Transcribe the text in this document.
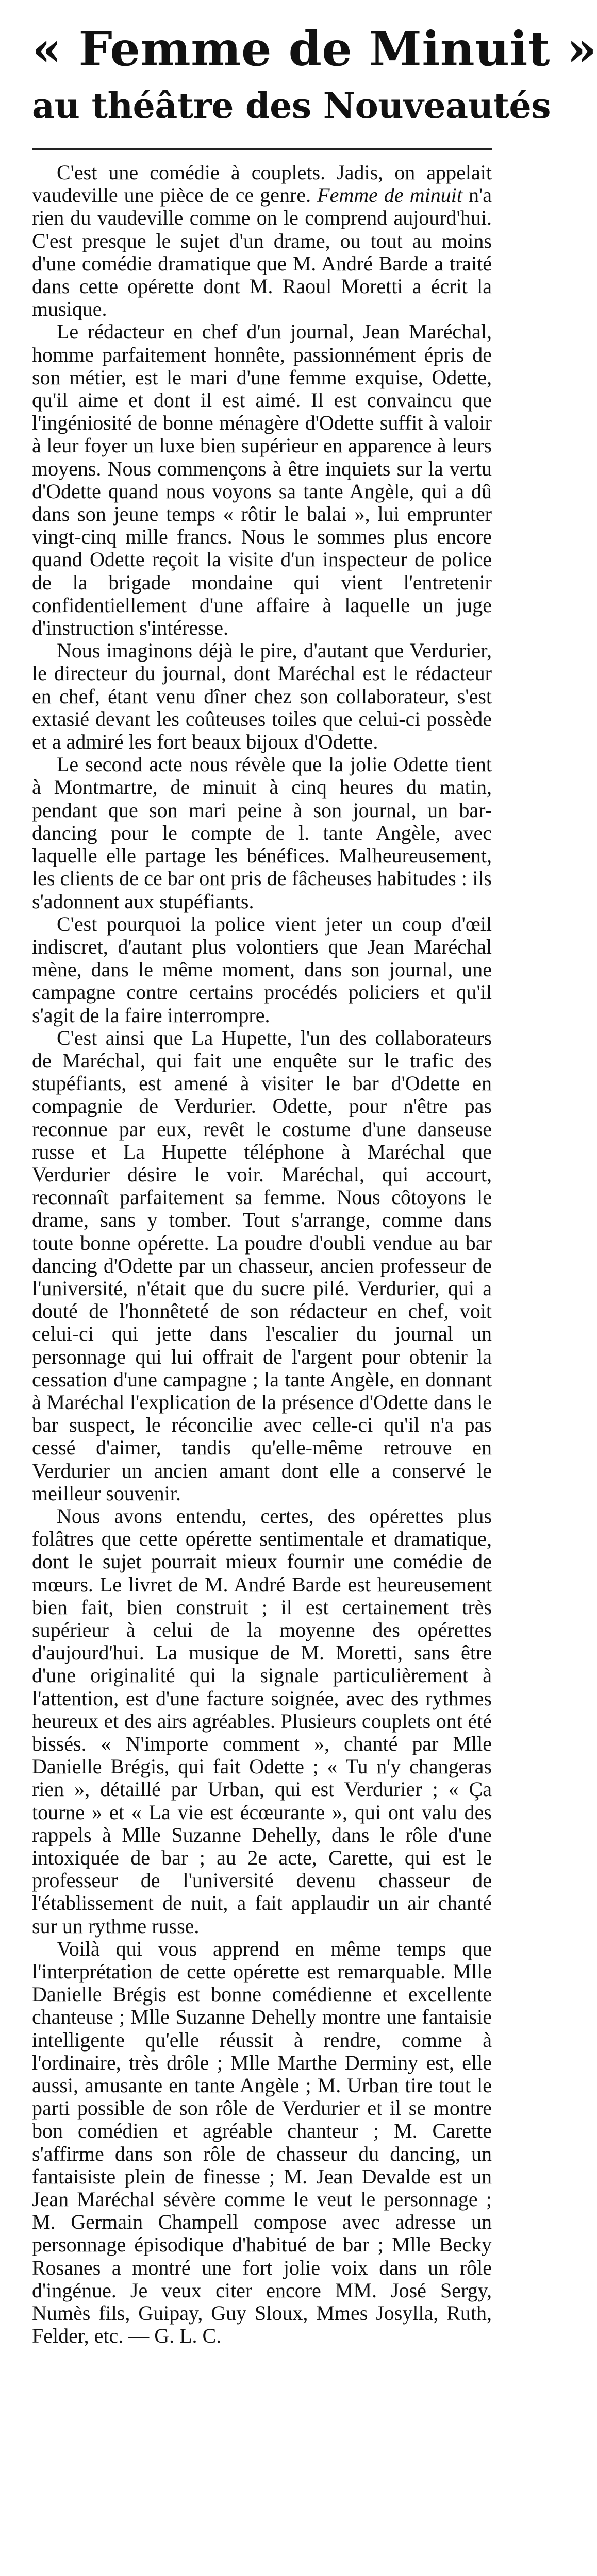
« Femme de Minuit »
au théâtre des Nouveautés

C'est une comédie à couplets. Jadis, on appelait vaudeville une pièce de ce genre. Femme de minuit n'a rien du vaudeville comme on le comprend aujourd'hui. C'est presque le sujet d'un drame, ou tout au moins d'une comédie dramatique que M. André Barde a traité dans cette opérette dont M. Raoul Moretti a écrit la musique.

Le rédacteur en chef d'un journal, Jean Maréchal, homme parfaitement honnête, passionnément épris de son métier, est le mari d'une femme exquise, Odette, qu'il aime et dont il est aimé. Il est convaincu que l'ingéniosité de bonne ménagère d'Odette suffit à valoir à leur foyer un luxe bien supérieur en apparence à leurs moyens. Nous commençons à être inquiets sur la vertu d'Odette quand nous voyons sa tante Angèle, qui a dû dans son jeune temps « rôtir le balai », lui emprunter vingt-cinq mille francs. Nous le sommes plus encore quand Odette reçoit la visite d'un inspecteur de police de la brigade mondaine qui vient l'entretenir confidentiellement d'une affaire à laquelle un juge d'instruction s'intéresse.

Nous imaginons déjà le pire, d'autant que Verdurier, le directeur du journal, dont Maréchal est le rédacteur en chef, étant venu dîner chez son collaborateur, s'est extasié devant les coûteuses toiles que celui-ci possède et a admiré les fort beaux bijoux d'Odette.

Le second acte nous révèle que la jolie Odette tient à Montmartre, de minuit à cinq heures du matin, pendant que son mari peine à son journal, un bar-dancing pour le compte de l. tante Angèle, avec laquelle elle partage les bénéfices. Malheureusement, les clients de ce bar ont pris de fâcheuses habitudes : ils s'adonnent aux stupéfiants.

C'est pourquoi la police vient jeter un coup d'œil indiscret, d'autant plus volontiers que Jean Maréchal mène, dans le même moment, dans son journal, une campagne contre certains procédés policiers et qu'il s'agit de la faire interrompre.

C'est ainsi que La Hupette, l'un des collaborateurs de Maréchal, qui fait une enquête sur le trafic des stupéfiants, est amené à visiter le bar d'Odette en compagnie de Verdurier. Odette, pour n'être pas reconnue par eux, revêt le costume d'une danseuse russe et La Hupette téléphone à Maréchal que Verdurier désire le voir. Maréchal, qui accourt, reconnaît parfaitement sa femme. Nous côtoyons le drame, sans y tomber. Tout s'arrange, comme dans toute bonne opérette. La poudre d'oubli vendue au bar dancing d'Odette par un chasseur, ancien professeur de l'université, n'était que du sucre pilé. Verdurier, qui a douté de l'honnêteté de son rédacteur en chef, voit celui-ci qui jette dans l'escalier du journal un personnage qui lui offrait de l'argent pour obtenir la cessation d'une campagne ; la tante Angèle, en donnant à Maréchal l'explication de la présence d'Odette dans le bar suspect, le réconcilie avec celle-ci qu'il n'a pas cessé d'aimer, tandis qu'elle-même retrouve en Verdurier un ancien amant dont elle a conservé le meilleur souvenir.

Nous avons entendu, certes, des opérettes plus folâtres que cette opérette sentimentale et dramatique, dont le sujet pourrait mieux fournir une comédie de mœurs. Le livret de M. André Barde est heureusement bien fait, bien construit ; il est certainement très supérieur à celui de la moyenne des opérettes d'aujourd'hui. La musique de M. Moretti, sans être d'une originalité qui la signale particulièrement à l'attention, est d'une facture soignée, avec des rythmes heureux et des airs agréables. Plusieurs couplets ont été bissés. « N'importe comment », chanté par Mlle Danielle Brégis, qui fait Odette ; « Tu n'y changeras rien », détaillé par Urban, qui est Verdurier ; « Ça tourne » et « La vie est écœurante », qui ont valu des rappels à Mlle Suzanne Dehelly, dans le rôle d'une intoxiquée de bar ; au 2e acte, Carette, qui est le professeur de l'université devenu chasseur de l'établissement de nuit, a fait applaudir un air chanté sur un rythme russe.

Voilà qui vous apprend en même temps que l'interprétation de cette opérette est remarquable. Mlle Danielle Brégis est bonne comédienne et excellente chanteuse ; Mlle Suzanne Dehelly montre une fantaisie intelligente qu'elle réussit à rendre, comme à l'ordinaire, très drôle ; Mlle Marthe Derminy est, elle aussi, amusante en tante Angèle ; M. Urban tire tout le parti possible de son rôle de Verdurier et il se montre bon comédien et agréable chanteur ; M. Carette s'affirme dans son rôle de chasseur du dancing, un fantaisiste plein de finesse ; M. Jean Devalde est un Jean Maréchal sévère comme le veut le personnage ; M. Germain Champell compose avec adresse un personnage épisodique d'habitué de bar ; Mlle Becky Rosanes a montré une fort jolie voix dans un rôle d'ingénue. Je veux citer encore MM. José Sergy, Numès fils, Guipay, Guy Sloux, Mmes Josylla, Ruth, Felder, etc. — G. L. C.
